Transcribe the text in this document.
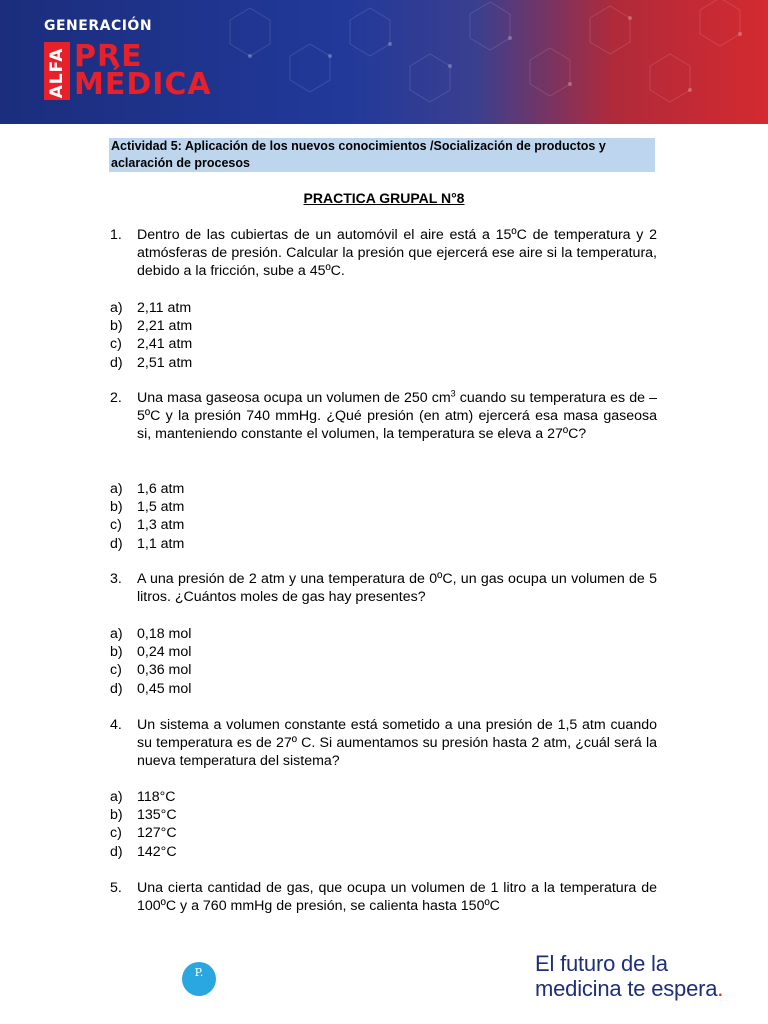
GENERACIÓN
ALFA PRE
MÉDICA
Actividad 5: Aplicación de los nuevos conocimientos /Socialización de productos y aclaración de procesos
PRACTICA GRUPAL N°8
1. Dentro de las cubiertas de un automóvil el aire está a 15ºC de temperatura y 2 atmósferas de presión. Calcular la presión que ejercerá ese aire si la temperatura, debido a la fricción, sube a 45ºC.
a) 2,11 atm
b) 2,21 atm
c) 2,41 atm
d) 2,51 atm
2. Una masa gaseosa ocupa un volumen de 250 $cm^3$ cuando su temperatura es de –5ºC y la presión 740 mmHg. ¿Qué presión (en atm) ejercerá esa masa gaseosa si, manteniendo constante el volumen, la temperatura se eleva a 27ºC?
a) 1,6 atm
b) 1,5 atm
c) 1,3 atm
d) 1,1 atm
3. A una presión de 2 atm y una temperatura de 0ºC, un gas ocupa un volumen de 5 litros. ¿Cuántos moles de gas hay presentes?
a) 0,18 mol
b) 0,24 mol
c) 0,36 mol
d) 0,45 mol
4. Un sistema a volumen constante está sometido a una presión de 1,5 atm cuando su temperatura es de 27º C. Si aumentamos su presión hasta 2 atm, ¿cuál será la nueva temperatura del sistema?
a) 118°C
b) 135°C
c) 127°C
d) 142°C
5. Una cierta cantidad de gas, que ocupa un volumen de 1 litro a la temperatura de 100ºC y a 760 mmHg de presión, se calienta hasta 150ºC
P.	El futuro de la
medicina te espera.
